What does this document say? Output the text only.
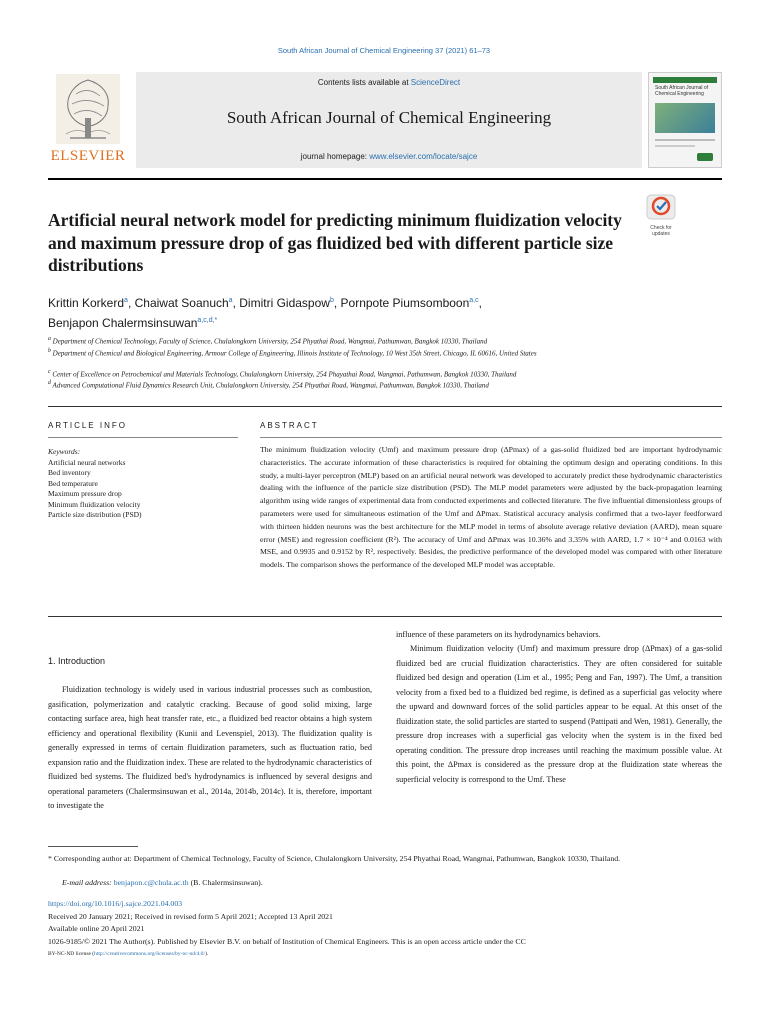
South African Journal of Chemical Engineering 37 (2021) 61–73
ELSEVIER
Contents lists available at ScienceDirect
South African Journal of Chemical Engineering
journal homepage: www.elsevier.com/locate/sajce
South African Journal of Chemical Engineering
Artificial neural network model for predicting minimum fluidization velocity and maximum pressure drop of gas fluidized bed with different particle size distributions
Check for updates
Krittin Korkerd$^a$, Chaiwat Soanuch$^a$, Dimitri Gidaspow$^b$, Pornpote Piumsomboon$^{a,c}$,
Benjapon Chalermsinsuwan$^{a,c,d,*}$
$^a$ Department of Chemical Technology, Faculty of Science, Chulalongkorn University, 254 Phyathai Road, Wangmai, Pathumwan, Bangkok 10330, Thailand
$^b$ Department of Chemical and Biological Engineering, Armour College of Engineering, Illinois Institute of Technology, 10 West 35th Street, Chicago, IL 60616, United States
$^c$ Center of Excellence on Petrochemical and Materials Technology, Chulalongkorn University, 254 Phayathai Road, Wangmai, Pathumwan, Bangkok 10330, Thailand
$^d$ Advanced Computational Fluid Dynamics Research Unit, Chulalongkorn University, 254 Phyathai Road, Wangmai, Pathumwan, Bangkok 10330, Thailand
ARTICLE INFO	ABSTRACT
Keywords:
Artificial neural networks
Bed inventory
Bed temperature
Maximum pressure drop
Minimum fluidization velocity
Particle size distribution (PSD)
The minimum fluidization velocity (Umf) and maximum pressure drop (ΔPmax) of a gas-solid fluidized bed are important hydrodynamic characteristics. The accurate information of these characteristics is required for obtaining the optimum design and operating conditions. In this study, a multi-layer perceptron (MLP) based on an artificial neural network was developed to accurately predict these hydrodynamic characteristics dealing with the influence of the particle size distribution (PSD). The MLP model parameters were adjusted by the back-propagation learning algorithm using wide ranges of experimental data from conducted experiments and collected literature. The five influential dimensionless groups of parameters were used for simultaneous estimation of the Umf and ΔPmax. Statistical accuracy analysis confirmed that a two-layer feedforward with thirteen hidden neurons was the best architecture for the MLP model in terms of absolute average relative deviation (AARD), mean square error (MSE) and regression coefficient (R²). The accuracy of Umf and ΔPmax was 10.36% and 3.35% with AARD, 1.7 × 10⁻⁴ and 0.0163 with MSE, and 0.9935 and 0.9152 by R², respectively. Besides, the predictive performance of the developed model was compared with other literature models. The comparison shows the performance of the developed MLP model was acceptable.
1. Introduction
Fluidization technology is widely used in various industrial processes such as combustion, gasification, polymerization and catalytic cracking. Because of good solid mixing, large contacting surface area, high heat transfer rate, etc., a fluidized bed reactor obtains a high system efficiency and operational flexibility (Kunii and Levenspiel, 2013). The fluidization quality is generally expressed in terms of certain fluidization parameters, such as fluctuation ratio, bed expansion ratio and the fluidization index. These are related to the hydrodynamic characteristics of fluidized bed systems. The fluidized bed's hydrodynamics is influenced by several designs and operational parameters (Chalermsinsuwan et al., 2014a, 2014b, 2014c). It is, therefore, important to investigate the
influence of these parameters on its hydrodynamics behaviors.
Minimum fluidization velocity (Umf) and maximum pressure drop (ΔPmax) of a gas-solid fluidized bed are crucial fluidization characteristics. They are often considered for suitable fluidized bed design and operation (Lim et al., 1995; Peng and Fan, 1997). The Umf, a transition velocity from a fixed bed to a fluidized bed regime, is defined as a superficial gas velocity where the upward and downward forces of the solid particles appear to be equal. At this onset of the fluidization state, the solid particles are started to suspend (Pattipati and Wen, 1981). Generally, the pressure drop increases with a superficial gas velocity when the system is in the fixed bed operating condition. The pressure drop increases until reaching the maximum possible value. At this point, the ΔPmax is considered as the pressure drop at the fluidization state whereas the superficial velocity is correspond to the Umf. These
* Corresponding author at: Department of Chemical Technology, Faculty of Science, Chulalongkorn University, 254 Phyathai Road, Wangmai, Pathumwan, Bangkok 10330, Thailand.
E-mail address: benjapon.c@chula.ac.th (B. Chalermsinsuwan).
https://doi.org/10.1016/j.sajce.2021.04.003
Received 20 January 2021; Received in revised form 5 April 2021; Accepted 13 April 2021
Available online 20 April 2021
1026-9185/© 2021 The Author(s). Published by Elsevier B.V. on behalf of Institution of Chemical Engineers. This is an open access article under the CC
BY-NC-ND license (http://creativecommons.org/licenses/by-nc-nd/4.0/).
